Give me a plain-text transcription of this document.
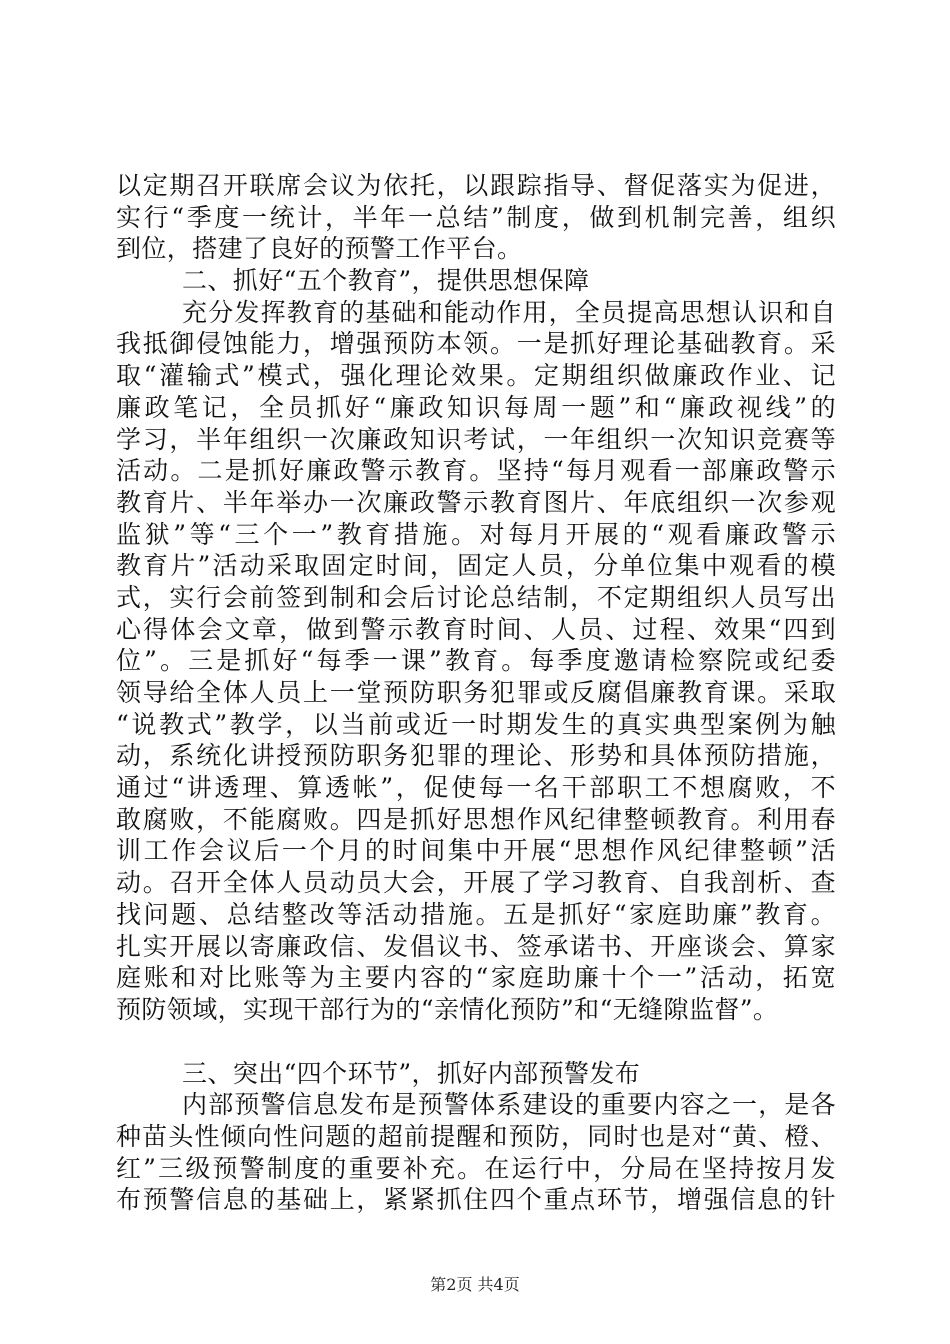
以定期召开联席会议为依托，以跟踪指导、督促落实为促进，
实行“季度一统计，半年一总结”制度，做到机制完善，组织
到位，搭建了良好的预警工作平台。
二、抓好“五个教育”，提供思想保障
充分发挥教育的基础和能动作用，全员提高思想认识和自
我抵御侵蚀能力，增强预防本领。一是抓好理论基础教育。采
取“灌输式”模式，强化理论效果。定期组织做廉政作业、记
廉政笔记，全员抓好“廉政知识每周一题”和“廉政视线”的
学习，半年组织一次廉政知识考试，一年组织一次知识竞赛等
活动。二是抓好廉政警示教育。坚持“每月观看一部廉政警示
教育片、半年举办一次廉政警示教育图片、年底组织一次参观
监狱”等“三个一”教育措施。对每月开展的“观看廉政警示
教育片”活动采取固定时间，固定人员，分单位集中观看的模
式，实行会前签到制和会后讨论总结制，不定期组织人员写出
心得体会文章，做到警示教育时间、人员、过程、效果“四到
位”。三是抓好“每季一课”教育。每季度邀请检察院或纪委
领导给全体人员上一堂预防职务犯罪或反腐倡廉教育课。采取
“说教式”教学，以当前或近一时期发生的真实典型案例为触
动，系统化讲授预防职务犯罪的理论、形势和具体预防措施，
通过“讲透理、算透帐”，促使每一名干部职工不想腐败，不
敢腐败，不能腐败。四是抓好思想作风纪律整顿教育。利用春
训工作会议后一个月的时间集中开展“思想作风纪律整顿”活
动。召开全体人员动员大会，开展了学习教育、自我剖析、查
找问题、总结整改等活动措施。五是抓好“家庭助廉”教育。
扎实开展以寄廉政信、发倡议书、签承诺书、开座谈会、算家
庭账和对比账等为主要内容的“家庭助廉十个一”活动，拓宽
预防领域，实现干部行为的“亲情化预防”和“无缝隙监督”。
三、突出“四个环节”，抓好内部预警发布
内部预警信息发布是预警体系建设的重要内容之一，是各
种苗头性倾向性问题的超前提醒和预防，同时也是对“黄、橙、
红”三级预警制度的重要补充。在运行中，分局在坚持按月发
布预警信息的基础上，紧紧抓住四个重点环节，增强信息的针
第2页 共4页
